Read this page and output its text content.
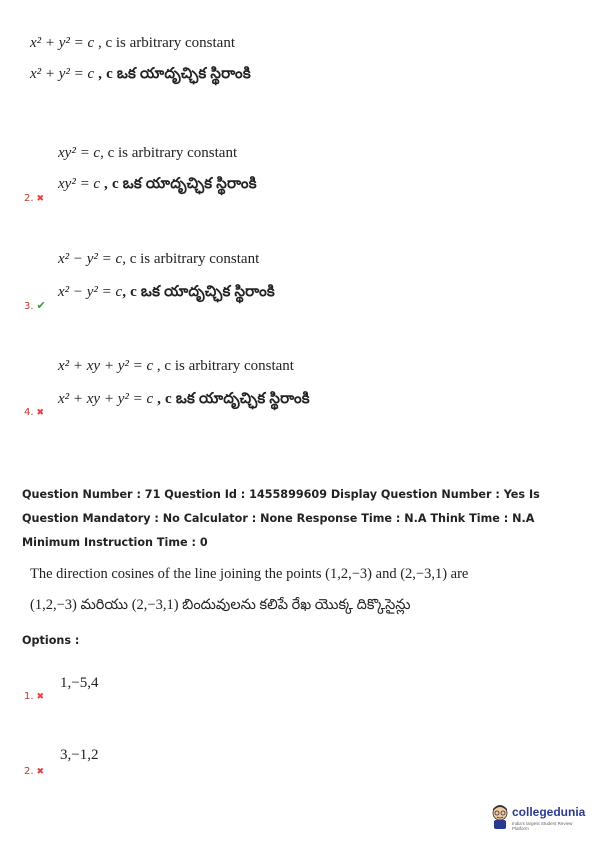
x² + y² = c , c is arbitrary constant
x² + y² = c , c ఒక యాదృచ్ఛిక స్థిరాంకి
xy² = c, c is arbitrary constant
xy² = c , c ఒక యాదృచ్ఛిక స్థిరాంకి
2. ✖
x² − y² = c, c is arbitrary constant
x² − y² = c, c ఒక యాదృచ్ఛిక స్థిరాంకి
3. ✔
x² + xy + y² = c , c is arbitrary constant
x² + xy + y² = c , c ఒక యాదృచ్ఛిక స్థిరాంకి
4. ✖
Question Number : 71 Question Id : 1455899609 Display Question Number : Yes Is Question Mandatory : No Calculator : None Response Time : N.A Think Time : N.A Minimum Instruction Time : 0
The direction cosines of the line joining the points (1,2,−3) and (2,−3,1) are
(1,2,−3) మరియు (2,−3,1) బిందువులను కలిపే రేఖ యొక్క దిక్కొసైన్లు
Options :
1,−5,4
1. ✖
3,−1,2
2. ✖
collegedunia
India's largest Student Review Platform
